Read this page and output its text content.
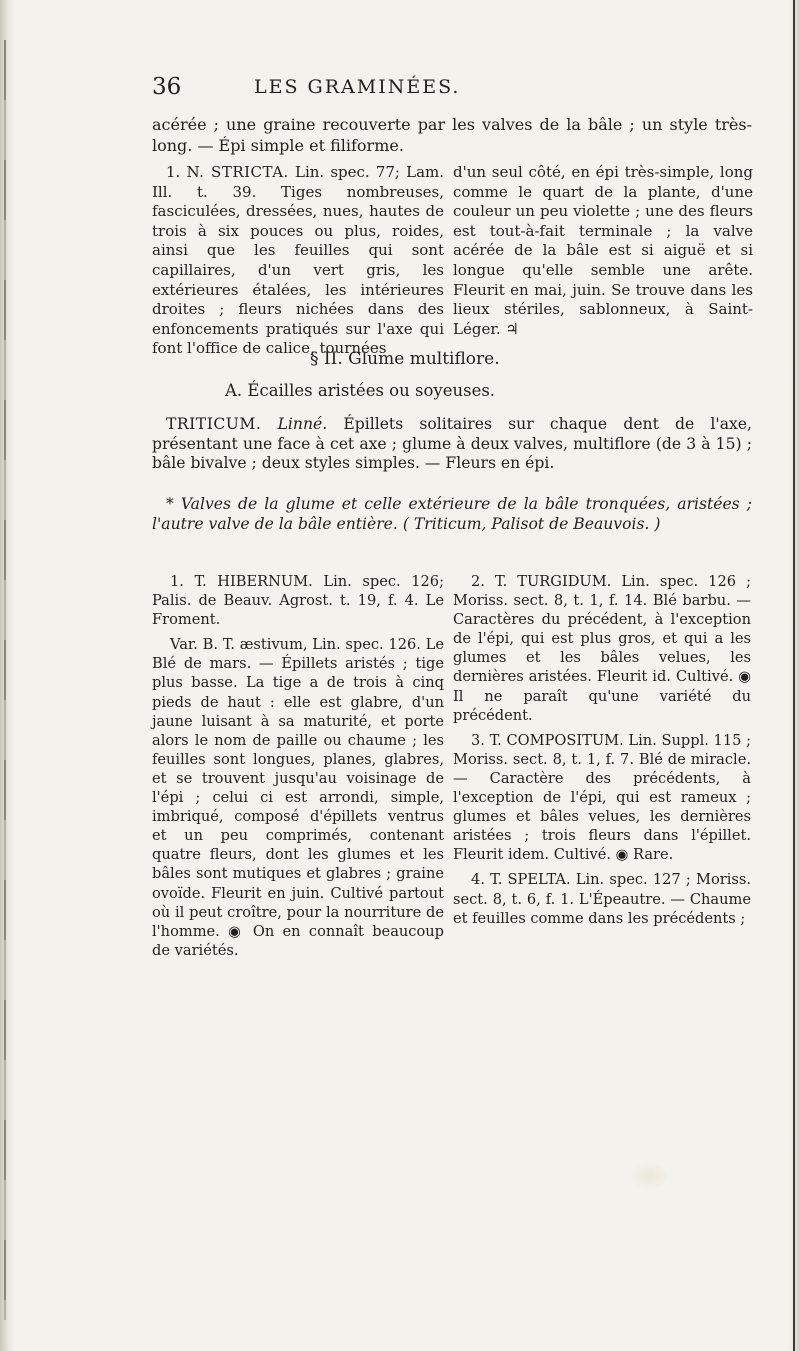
36	LES GRAMINÉES.

acérée ; une graine recouverte par les valves de la bâle ; un style très-long. — Épi simple et filiforme.

1. N. STRICTA. Lin. spec. 77; Lam. Ill. t. 39. Tiges nombreuses, fasciculées, dressées, nues, hautes de trois à six pouces ou plus, roides, ainsi que les feuilles qui sont capillaires, d'un vert gris, les extérieures étalées, les intérieures droites ; fleurs nichées dans des enfoncements pratiqués sur l'axe qui font l'office de calice, tournées

d'un seul côté, en épi très-simple, long comme le quart de la plante, d'une couleur un peu violette ; une des fleurs est tout-à-fait terminale ; la valve acérée de la bâle est si aiguë et si longue qu'elle semble une arête. Fleurit en mai, juin. Se trouve dans les lieux stériles, sablonneux, à Saint-Léger. ♃

§ II. Glume multiflore.
A. Écailles aristées ou soyeuses.

TRITICUM. Linné. Épillets solitaires sur chaque dent de l'axe, présentant une face à cet axe ; glume à deux valves, multiflore (de 3 à 15) ; bâle bivalve ; deux styles simples. — Fleurs en épi.

* Valves de la glume et celle extérieure de la bâle tronquées, aristées ; l'autre valve de la bâle entière. ( Triticum, Palisot de Beauvois. )

1. T. HIBERNUM. Lin. spec. 126; Palis. de Beauv. Agrost. t. 19, f. 4. Le Froment.

Var. B. T. æstivum, Lin. spec. 126. Le Blé de mars. — Épillets aristés ; tige plus basse. La tige a de trois à cinq pieds de haut : elle est glabre, d'un jaune luisant à sa maturité, et porte alors le nom de paille ou chaume ; les feuilles sont longues, planes, glabres, et se trouvent jusqu'au voisinage de l'épi ; celui ci est arrondi, simple, imbriqué, composé d'épillets ventrus et un peu comprimés, contenant quatre fleurs, dont les glumes et les bâles sont mutiques et glabres ; graine ovoïde. Fleurit en juin. Cultivé partout où il peut croître, pour la nourriture de l'homme. ◉ On en connaît beaucoup de variétés.

2. T. TURGIDUM. Lin. spec. 126 ; Moriss. sect. 8, t. 1, f. 14. Blé barbu. — Caractères du précédent, à l'exception de l'épi, qui est plus gros, et qui a les glumes et les bâles velues, les dernières aristées. Fleurit id. Cultivé. ◉ Il ne paraît qu'une variété du précédent.

3. T. COMPOSITUM. Lin. Suppl. 115 ; Moriss. sect. 8, t. 1, f. 7. Blé de miracle. — Caractère des précédents, à l'exception de l'épi, qui est rameux ; glumes et bâles velues, les dernières aristées ; trois fleurs dans l'épillet. Fleurit idem. Cultivé. ◉ Rare.

4. T. SPELTA. Lin. spec. 127 ; Moriss. sect. 8, t. 6, f. 1. L'Épeautre. — Chaume et feuilles comme dans les précédents ;
